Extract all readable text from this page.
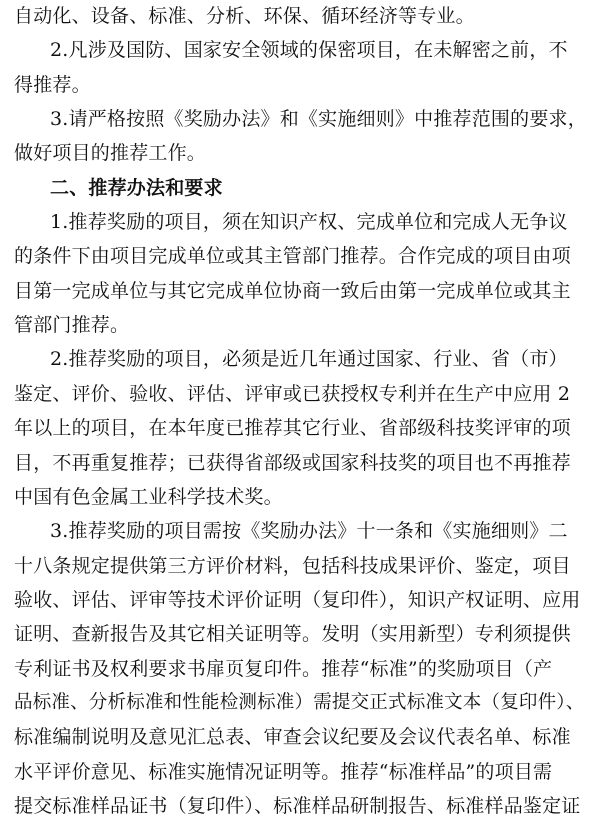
自动化、设备、标准、分析、环保、循环经济等专业。
2.凡涉及国防、国家安全领域的保密项目，在未解密之前，不
得推荐。
3.请严格按照《奖励办法》和《实施细则》中推荐范围的要求，
做好项目的推荐工作。
二、推荐办法和要求
1.推荐奖励的项目，须在知识产权、完成单位和完成人无争议
的条件下由项目完成单位或其主管部门推荐。合作完成的项目由项
目第一完成单位与其它完成单位协商一致后由第一完成单位或其主
管部门推荐。
2.推荐奖励的项目，必须是近几年通过国家、行业、省（市）
鉴定、评价、验收、评估、评审或已获授权专利并在生产中应用 2
年以上的项目，在本年度已推荐其它行业、省部级科技奖评审的项
目，不再重复推荐；已获得省部级或国家科技奖的项目也不再推荐
中国有色金属工业科学技术奖。
3.推荐奖励的项目需按《奖励办法》十一条和《实施细则》二
十八条规定提供第三方评价材料，包括科技成果评价、鉴定，项目
验收、评估、评审等技术评价证明（复印件），知识产权证明、应用
证明、查新报告及其它相关证明等。发明（实用新型）专利须提供
专利证书及权利要求书扉页复印件。推荐“标准”的奖励项目（产
品标准、分析标准和性能检测标准）需提交正式标准文本（复印件）、
标准编制说明及意见汇总表、审查会议纪要及会议代表名单、标准
水平评价意见、标准实施情况证明等。推荐“标准样品”的项目需
提交标准样品证书（复印件）、标准样品研制报告、标准样品鉴定证
